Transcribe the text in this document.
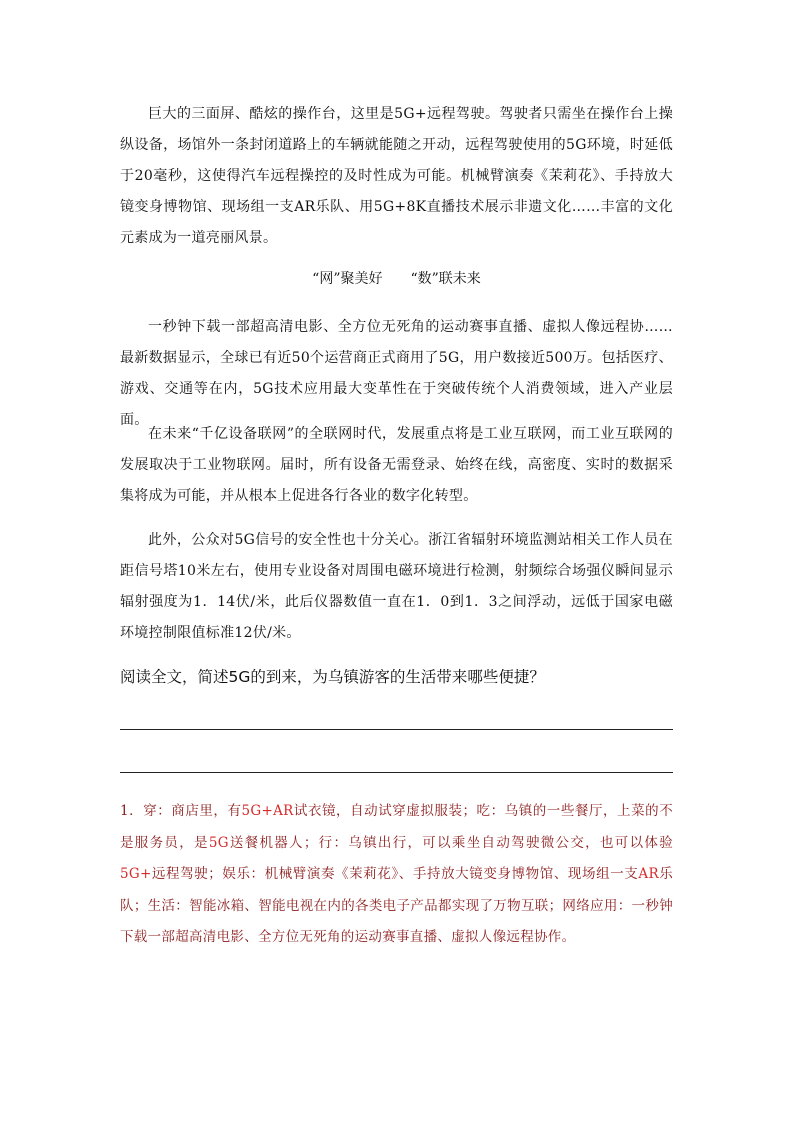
巨大的三面屏、酷炫的操作台，这里是5G+远程驾驶。驾驶者只需坐在操作台上操纵设备，场馆外一条封闭道路上的车辆就能随之开动，远程驾驶使用的5G环境，时延低于20毫秒，这使得汽车远程操控的及时性成为可能。机械臂演奏《茉莉花》、手持放大镜变身博物馆、现场组一支AR乐队、用5G+8K直播技术展示非遗文化……丰富的文化元素成为一道亮丽风景。

“网”聚美好　　“数”联未来

一秒钟下载一部超高清电影、全方位无死角的运动赛事直播、虚拟人像远程协……最新数据显示，全球已有近50个运营商正式商用了5G，用户数接近500万。包括医疗、游戏、交通等在内，5G技术应用最大变革性在于突破传统个人消费领域，进入产业层面。

在未来“千亿设备联网”的全联网时代，发展重点将是工业互联网，而工业互联网的发展取决于工业物联网。届时，所有设备无需登录、始终在线，高密度、实时的数据采集将成为可能，并从根本上促进各行各业的数字化转型。

此外，公众对5G信号的安全性也十分关心。浙江省辐射环境监测站相关工作人员在距信号塔10米左右，使用专业设备对周围电磁环境进行检测，射频综合场强仪瞬间显示辐射强度为1．14伏/米，此后仪器数值一直在1．0到1．3之间浮动，远低于国家电磁环境控制限值标准12伏/米。

阅读全文，简述5G的到来，为乌镇游客的生活带来哪些便捷？

1．穿：商店里，有5G+AR试衣镜，自动试穿虚拟服装；吃：乌镇的一些餐厅，上菜的不是服务员，是5G送餐机器人；行：乌镇出行，可以乘坐自动驾驶微公交，也可以体验5G+远程驾驶；娱乐：机械臂演奏《茉莉花》、手持放大镜变身博物馆、现场组一支AR乐队；生活：智能冰箱、智能电视在内的各类电子产品都实现了万物互联；网络应用：一秒钟下载一部超高清电影、全方位无死角的运动赛事直播、虚拟人像远程协作。
